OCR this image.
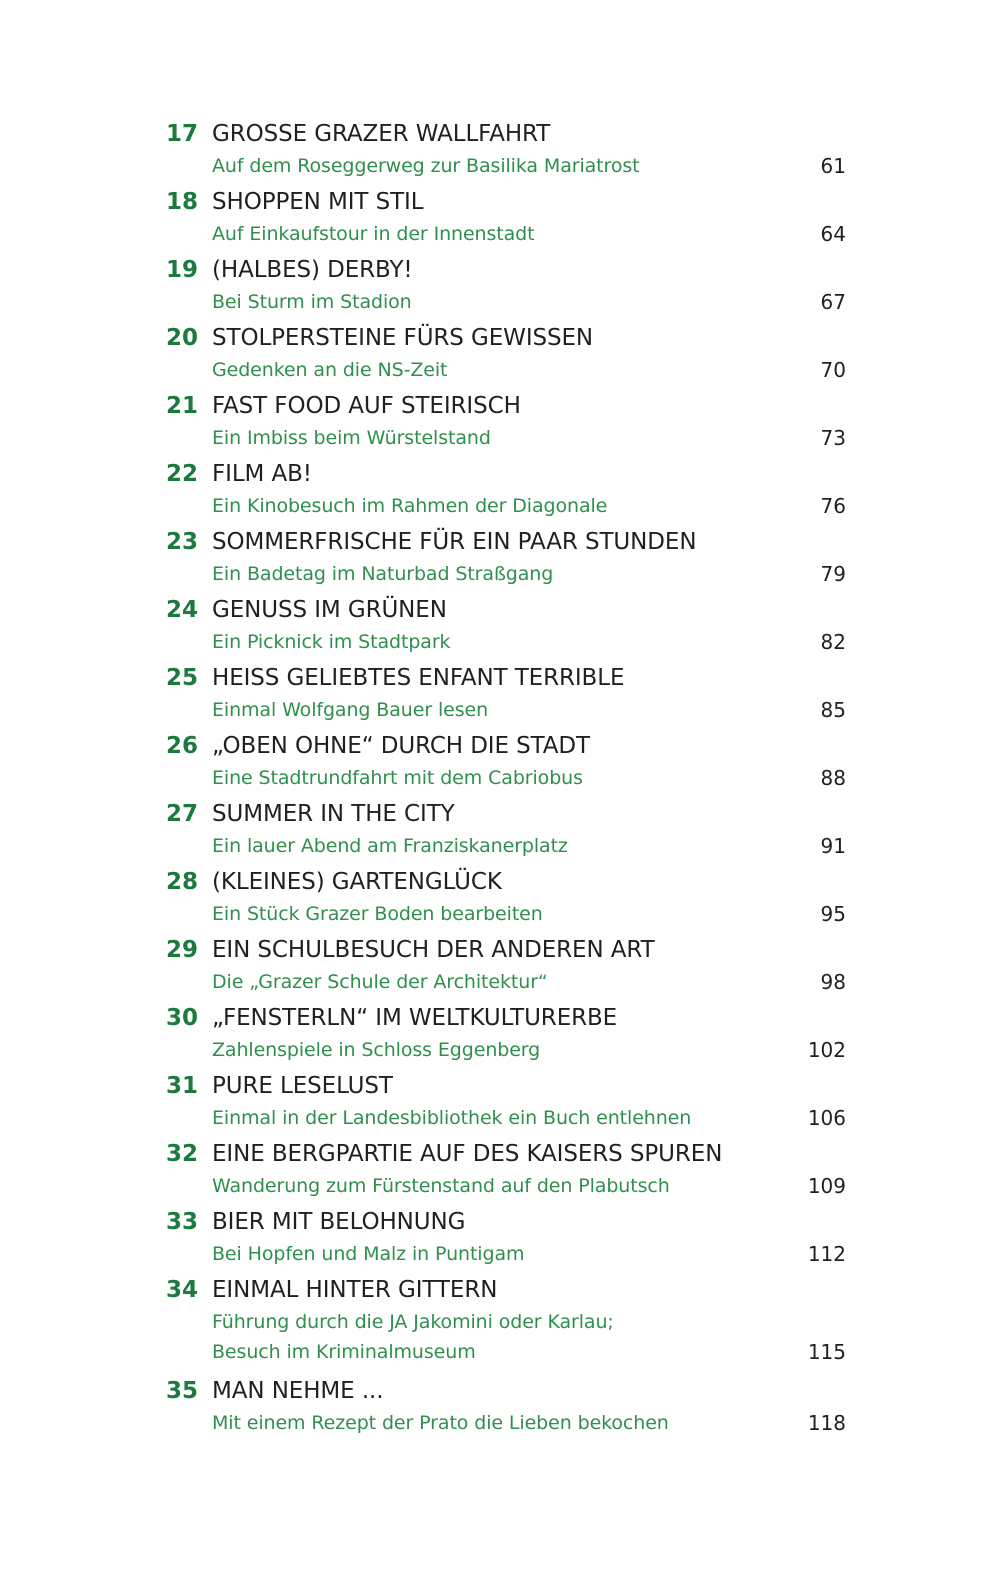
17 GROSSE GRAZER WALLFAHRT
Auf dem Roseggerweg zur Basilika Mariatrost	61
18 SHOPPEN MIT STIL
Auf Einkaufstour in der Innenstadt	64
19 (HALBES) DERBY!
Bei Sturm im Stadion	67
20 STOLPERSTEINE FÜRS GEWISSEN
Gedenken an die NS-Zeit	70
21 FAST FOOD AUF STEIRISCH
Ein Imbiss beim Würstelstand	73
22 FILM AB!
Ein Kinobesuch im Rahmen der Diagonale	76
23 SOMMERFRISCHE FÜR EIN PAAR STUNDEN
Ein Badetag im Naturbad Straßgang	79
24 GENUSS IM GRÜNEN
Ein Picknick im Stadtpark	82
25 HEISS GELIEBTES ENFANT TERRIBLE
Einmal Wolfgang Bauer lesen	85
26 „OBEN OHNE“ DURCH DIE STADT
Eine Stadtrundfahrt mit dem Cabriobus	88
27 SUMMER IN THE CITY
Ein lauer Abend am Franziskanerplatz	91
28 (KLEINES) GARTENGLÜCK
Ein Stück Grazer Boden bearbeiten	95
29 EIN SCHULBESUCH DER ANDEREN ART
Die „Grazer Schule der Architektur“	98
30 „FENSTERLN“ IM WELTKULTURERBE
Zahlenspiele in Schloss Eggenberg	102
31 PURE LESELUST
Einmal in der Landesbibliothek ein Buch entlehnen	106
32 EINE BERGPARTIE AUF DES KAISERS SPUREN
Wanderung zum Fürstenstand auf den Plabutsch	109
33 BIER MIT BELOHNUNG
Bei Hopfen und Malz in Puntigam	112
34 EINMAL HINTER GITTERN
Führung durch die JA Jakomini oder Karlau;
Besuch im Kriminalmuseum	115
35 MAN NEHME ...
Mit einem Rezept der Prato die Lieben bekochen	118
